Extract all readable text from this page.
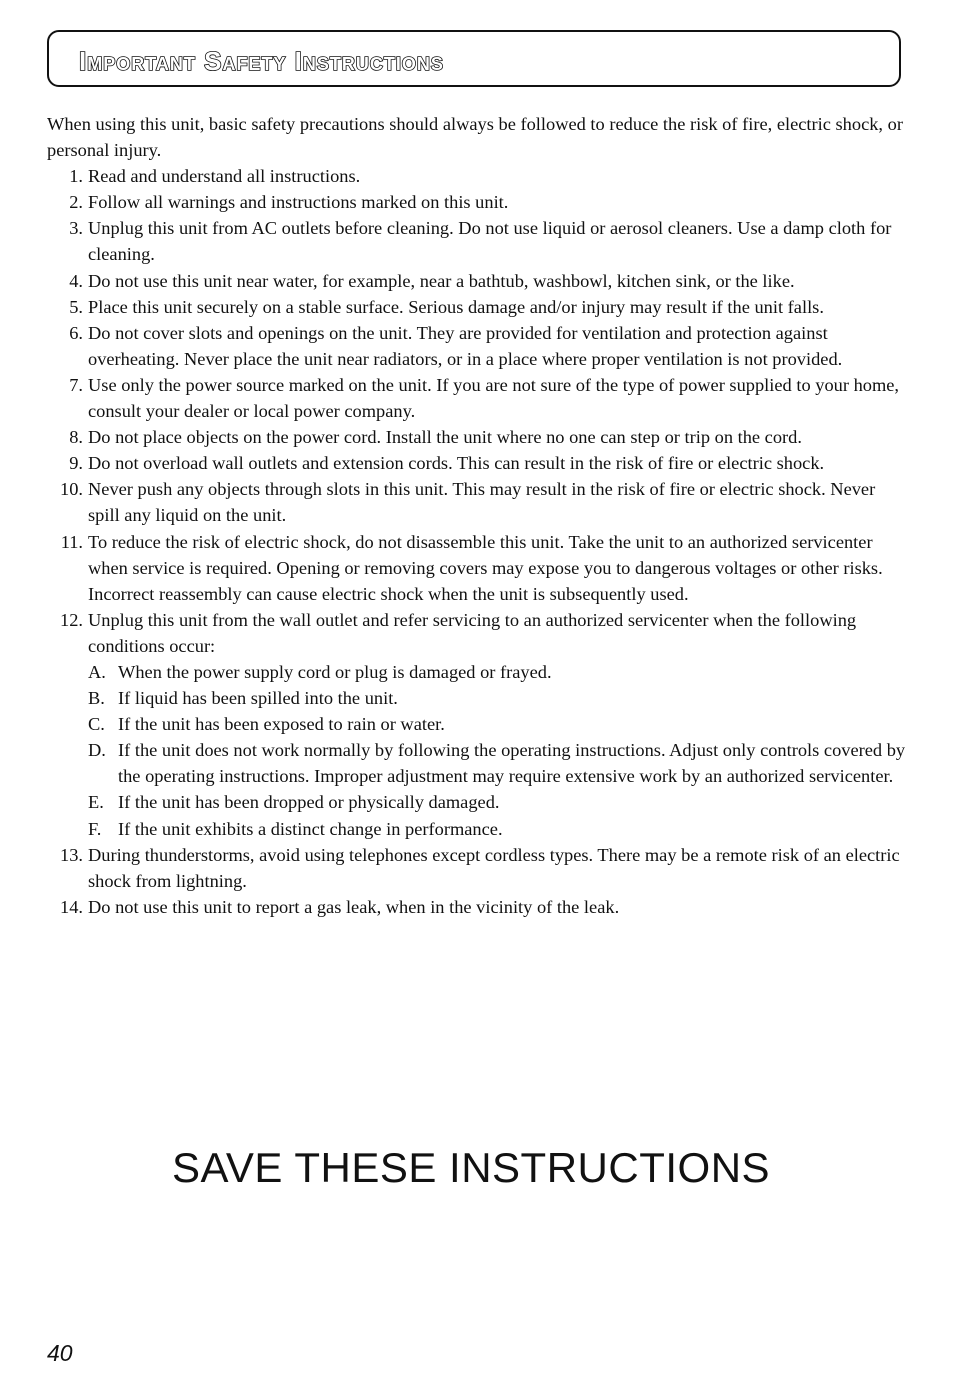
Important Safety Instructions

When using this unit, basic safety precautions should always be followed to reduce the risk of fire, electric shock, or personal injury.

1. Read and understand all instructions.
2. Follow all warnings and instructions marked on this unit.
3. Unplug this unit from AC outlets before cleaning. Do not use liquid or aerosol cleaners. Use a damp cloth for cleaning.
4. Do not use this unit near water, for example, near a bathtub, washbowl, kitchen sink, or the like.
5. Place this unit securely on a stable surface. Serious damage and/or injury may result if the unit falls.
6. Do not cover slots and openings on the unit. They are provided for ventilation and protection against overheating. Never place the unit near radiators, or in a place where proper ventilation is not provided.
7. Use only the power source marked on the unit. If you are not sure of the type of power supplied to your home, consult your dealer or local power company.
8. Do not place objects on the power cord. Install the unit where no one can step or trip on the cord.
9. Do not overload wall outlets and extension cords. This can result in the risk of fire or electric shock.
10. Never push any objects through slots in this unit. This may result in the risk of fire or electric shock. Never spill any liquid on the unit.
11. To reduce the risk of electric shock, do not disassemble this unit. Take the unit to an authorized servicenter when service is required. Opening or removing covers may expose you to dangerous voltages or other risks. Incorrect reassembly can cause electric shock when the unit is subsequently used.
12. Unplug this unit from the wall outlet and refer servicing to an authorized servicenter when the following conditions occur:
A. When the power supply cord or plug is damaged or frayed.
B. If liquid has been spilled into the unit.
C. If the unit has been exposed to rain or water.
D. If the unit does not work normally by following the operating instructions. Adjust only controls covered by the operating instructions. Improper adjustment may require extensive work by an authorized servicenter.
E. If the unit has been dropped or physically damaged.
F. If the unit exhibits a distinct change in performance.
13. During thunderstorms, avoid using telephones except cordless types. There may be a remote risk of an electric shock from lightning.
14. Do not use this unit to report a gas leak, when in the vicinity of the leak.
SAVE THESE INSTRUCTIONS
40
